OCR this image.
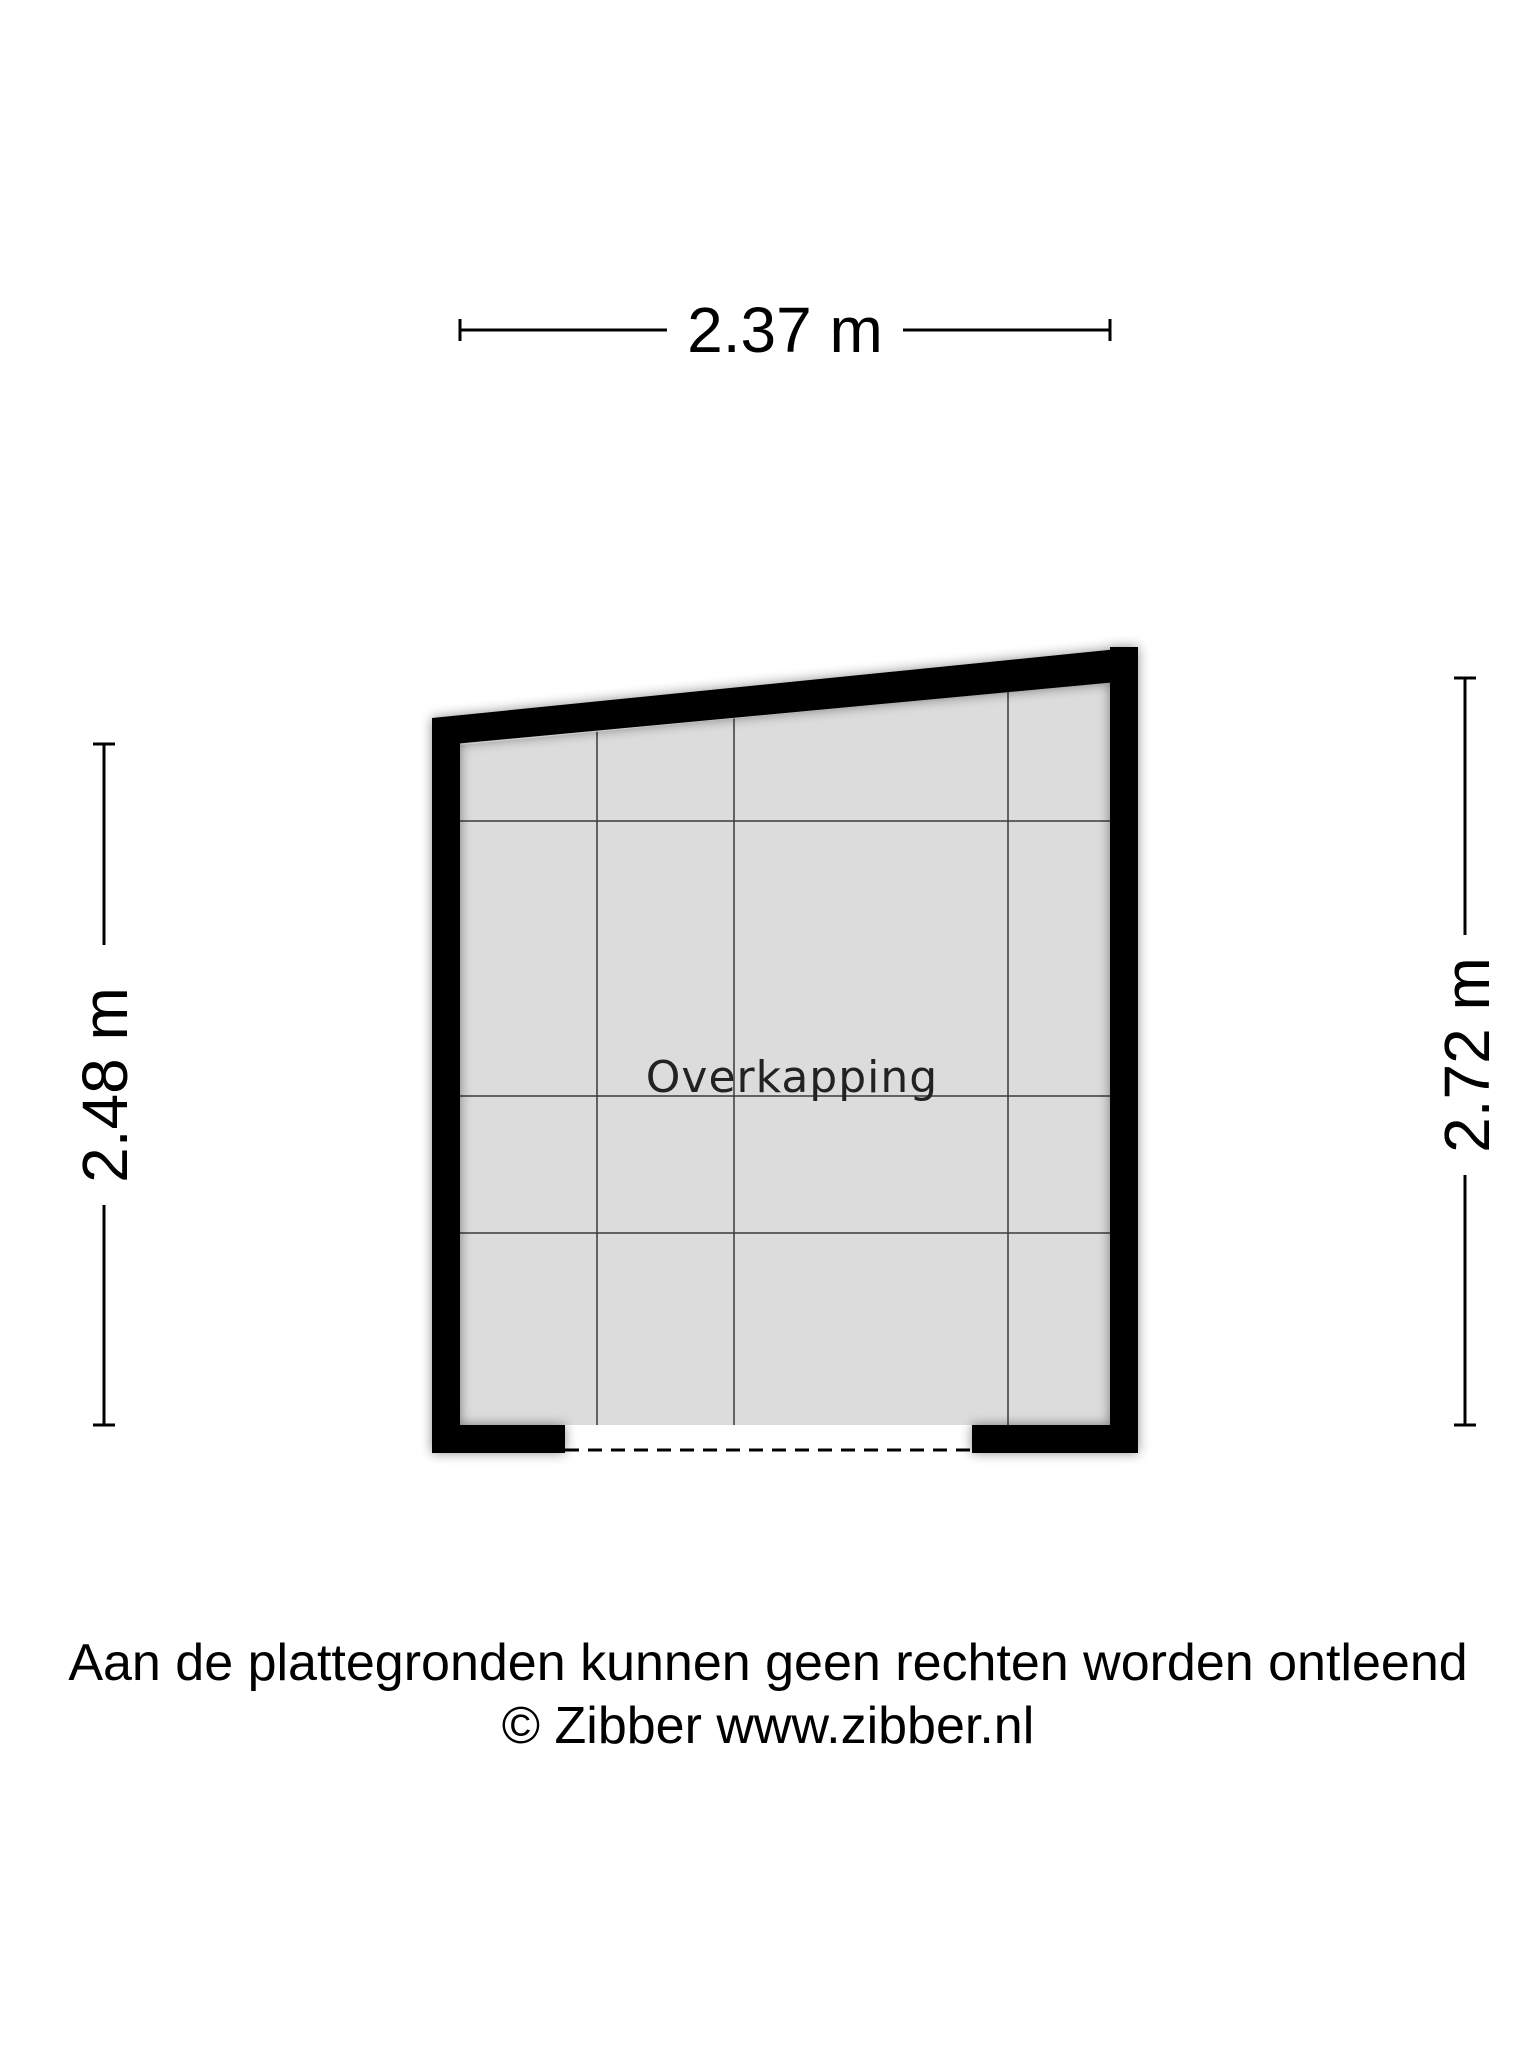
2.37 m
2.48 m	2.72 m
Overkapping
Aan de plattegronden kunnen geen rechten worden ontleend
© Zibber www.zibber.nl
